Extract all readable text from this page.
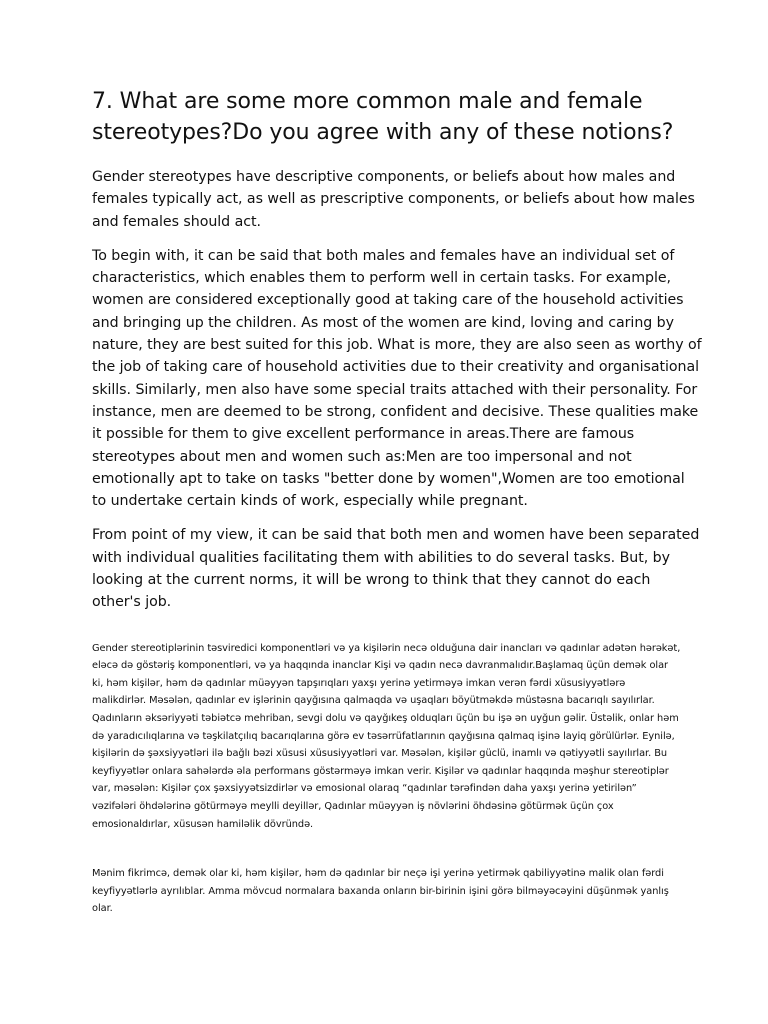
7. What are some more common male and female stereotypes?Do you agree with any of these notions?

Gender stereotypes have descriptive components, or beliefs about how males and females typically act, as well as prescriptive components, or beliefs about how males and females should act.

To begin with, it can be said that both males and females have an individual set of characteristics, which enables them to perform well in certain tasks. For example, women are considered exceptionally good at taking care of the household activities and bringing up the children. As most of the women are kind, loving and caring by nature, they are best suited for this job. What is more, they are also seen as worthy of the job of taking care of household activities due to their creativity and organisational skills. Similarly, men also have some special traits attached with their personality. For instance, men are deemed to be strong, confident and decisive. These qualities make it possible for them to give excellent performance in areas.There are famous stereotypes about men and women such as:Men are too impersonal and not emotionally apt to take on tasks "better done by women",Women are too emotional to undertake certain kinds of work, especially while pregnant.

From point of my view, it can be said that both men and women have been separated with individual qualities facilitating them with abilities to do several tasks. But, by looking at the current norms, it will be wrong to think that they cannot do each other's job.

Gender stereotiplərinin təsviredici komponentləri və ya kişilərin necə olduğuna dair inancları və qadınlar adətən hərəkət, eləcə də göstəriş komponentləri, və ya haqqında inanclar Kişi və qadın necə davranmalıdır.Başlamaq üçün demək olar ki, həm kişilər, həm də qadınlar müəyyən tapşırıqları yaxşı yerinə yetirməyə imkan verən fərdi xüsusiyyətlərə malikdirlər. Məsələn, qadınlar ev işlərinin qayğısına qalmaqda və uşaqları böyütməkdə müstəsna bacarıqlı sayılırlar. Qadınların əksəriyyəti təbiətcə mehriban, sevgi dolu və qayğıkeş olduqları üçün bu işə ən uyğun gəlir. Üstəlik, onlar həm də yaradıcılıqlarına və təşkilatçılıq bacarıqlarına görə ev təsərrüfatlarının qayğısına qalmaq işinə layiq görülürlər. Eynilə, kişilərin də şəxsiyyətləri ilə bağlı bəzi xüsusi xüsusiyyətləri var. Məsələn, kişilər güclü, inamlı və qətiyyətli sayılırlar. Bu keyfiyyətlər onlara sahələrdə əla performans göstərməyə imkan verir. Kişilər və qadınlar haqqında məşhur stereotiplər var, məsələn: Kişilər çox şəxsiyyətsizdirlər və emosional olaraq “qadınlar tərəfindən daha yaxşı yerinə yetirilən” vəzifələri öhdələrinə götürməyə meylli deyillər, Qadınlar müəyyən iş növlərini öhdəsinə götürmək üçün çox emosionaldırlar, xüsusən hamiləlik dövründə.

Mənim fikrimcə, demək olar ki, həm kişilər, həm də qadınlar bir neçə işi yerinə yetirmək qabiliyyətinə malik olan fərdi keyfiyyətlərlə ayrılıblar. Amma mövcud normalara baxanda onların bir-birinin işini görə bilməyəcəyini düşünmək yanlış olar.
